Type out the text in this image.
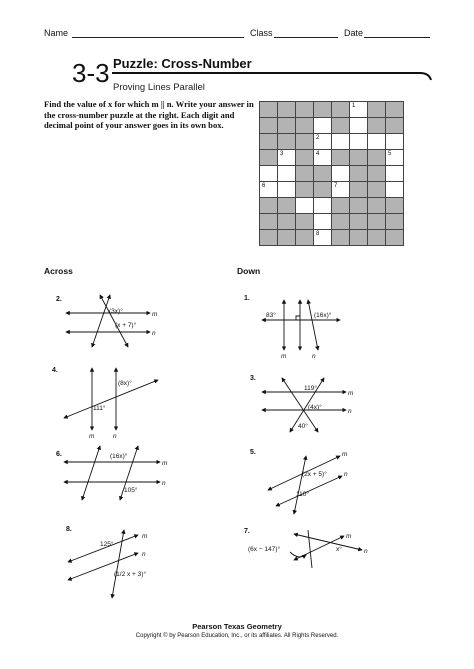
Name	Class	Date
3-3 Puzzle: Cross-Number
Proving Lines Parallel
Find the value of x for which m || n. Write your answer in the cross-number puzzle at the right. Each digit and decimal point of your answer goes in its own box.
1
2
3	4	5
6	7
8
Across	Down
2.
(3x)°
(x + 7)°
m
n
4.
(8x)°
111°
m	n
6.	(16x)°
105°
m
n
8.
125°
(1/2 x + 3)°
m
n
1.
83°	(16x)°
m	n
3.
119°
(4x)°
40°
m
n
5.
(2x + 5)°
110°
m
n
7.
(6x − 147)°	x°
m
n
Pearson Texas Geometry
Copyright © by Pearson Education, Inc., or its affiliates. All Rights Reserved.
